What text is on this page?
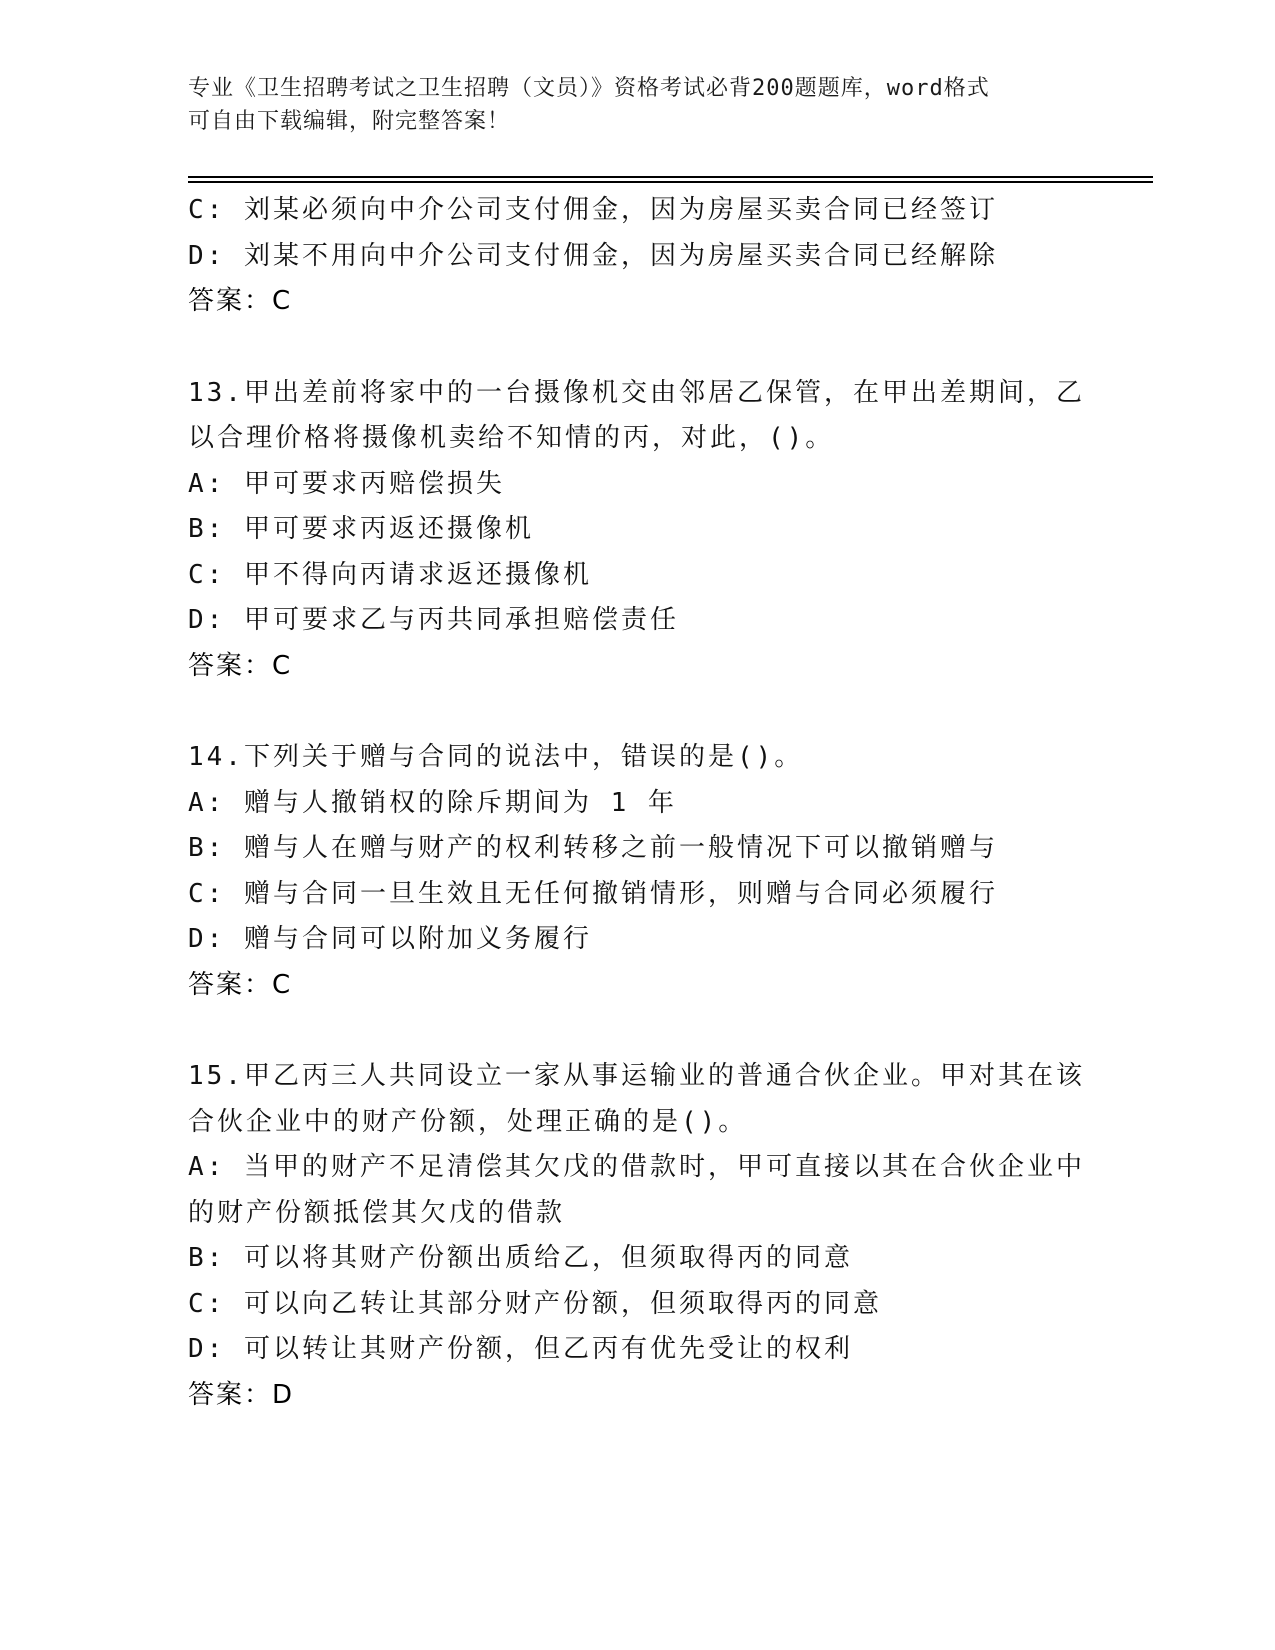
专业《卫生招聘考试之卫生招聘（文员）》资格考试必背200题题库，word格式
可自由下载编辑，附完整答案！
C: 刘某必须向中介公司支付佣金，因为房屋买卖合同已经签订
D: 刘某不用向中介公司支付佣金，因为房屋买卖合同已经解除
答案：C
13.甲出差前将家中的一台摄像机交由邻居乙保管，在甲出差期间，乙
以合理价格将摄像机卖给不知情的丙，对此，()。
A: 甲可要求丙赔偿损失
B: 甲可要求丙返还摄像机
C: 甲不得向丙请求返还摄像机
D: 甲可要求乙与丙共同承担赔偿责任
答案：C
14.下列关于赠与合同的说法中，错误的是()。
A: 赠与人撤销权的除斥期间为 1 年
B: 赠与人在赠与财产的权利转移之前一般情况下可以撤销赠与
C: 赠与合同一旦生效且无任何撤销情形，则赠与合同必须履行
D: 赠与合同可以附加义务履行
答案：C
15.甲乙丙三人共同设立一家从事运输业的普通合伙企业。甲对其在该
合伙企业中的财产份额，处理正确的是()。
A: 当甲的财产不足清偿其欠戊的借款时，甲可直接以其在合伙企业中
的财产份额抵偿其欠戊的借款
B: 可以将其财产份额出质给乙，但须取得丙的同意
C: 可以向乙转让其部分财产份额，但须取得丙的同意
D: 可以转让其财产份额，但乙丙有优先受让的权利
答案：D
